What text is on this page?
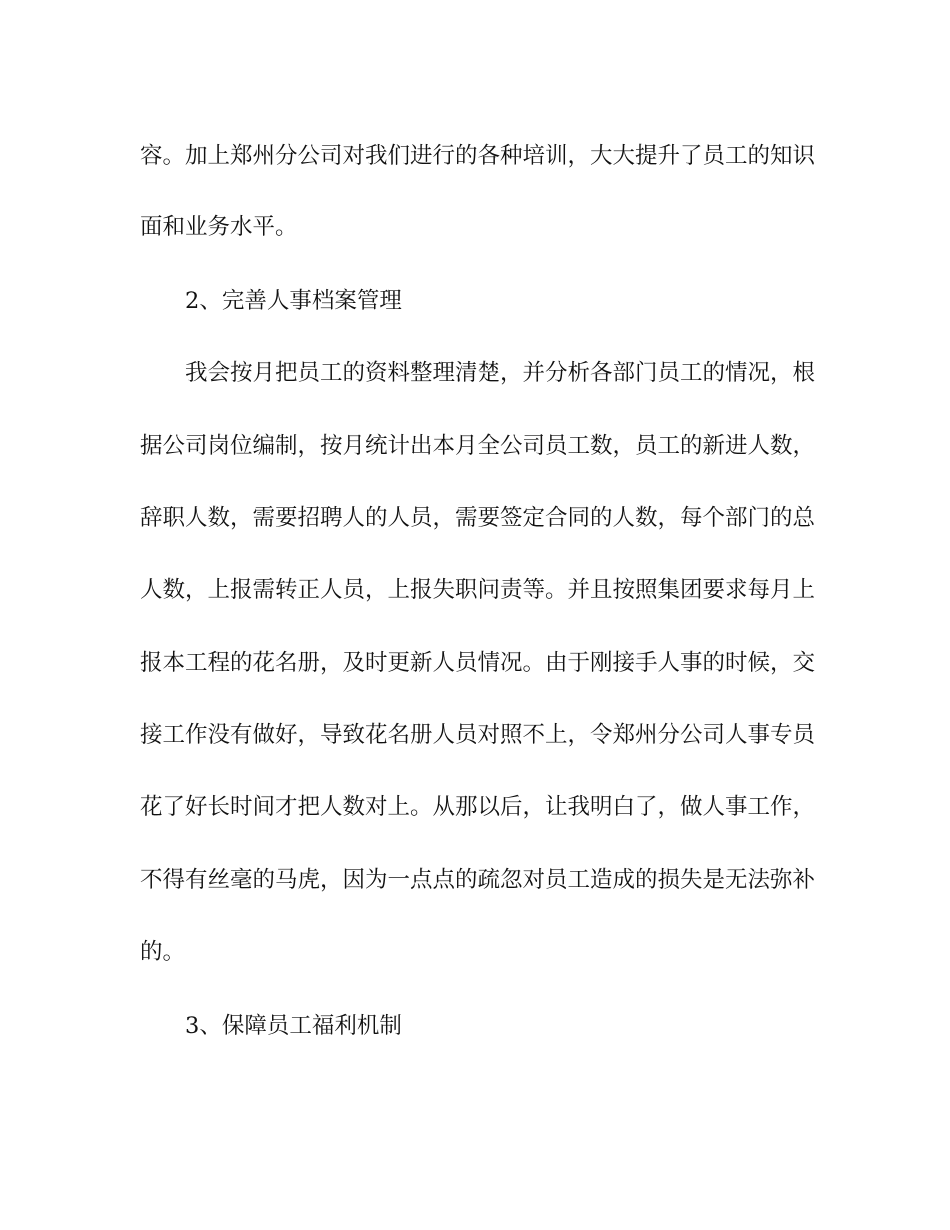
容。加上郑州分公司对我们进行的各种培训，大大提升了员工的知识

面和业务水平。

2、完善人事档案管理

我会按月把员工的资料整理清楚，并分析各部门员工的情况，根

据公司岗位编制，按月统计出本月全公司员工数，员工的新进人数，

辞职人数，需要招聘人的人员，需要签定合同的人数，每个部门的总

人数，上报需转正人员，上报失职问责等。并且按照集团要求每月上

报本工程的花名册，及时更新人员情况。由于刚接手人事的时候，交

接工作没有做好，导致花名册人员对照不上，令郑州分公司人事专员

花了好长时间才把人数对上。从那以后，让我明白了，做人事工作，

不得有丝毫的马虎，因为一点点的疏忽对员工造成的损失是无法弥补

的。

3、保障员工福利机制
